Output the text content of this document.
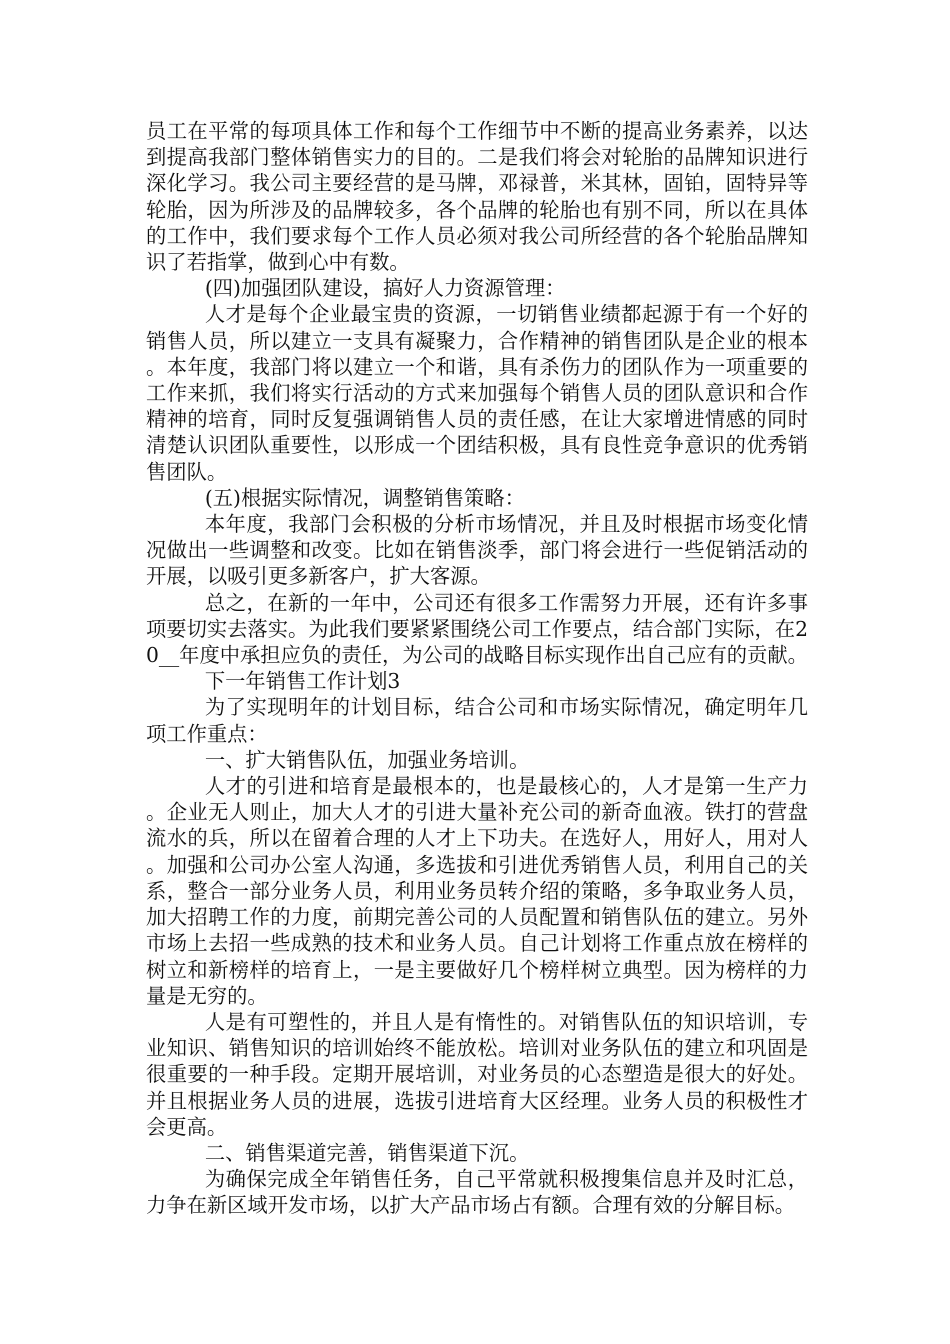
员工在平常的每项具体工作和每个工作细节中不断的提高业务素养，以达到提高我部门整体销售实力的目的。二是我们将会对轮胎的品牌知识进行深化学习。我公司主要经营的是马牌，邓禄普，米其林，固铂，固特异等轮胎，因为所涉及的品牌较多，各个品牌的轮胎也有别不同，所以在具体的工作中，我们要求每个工作人员必须对我公司所经营的各个轮胎品牌知识了若指掌，做到心中有数。

(四)加强团队建设，搞好人力资源管理：

人才是每个企业最宝贵的资源，一切销售业绩都起源于有一个好的销售人员，所以建立一支具有凝聚力，合作精神的销售团队是企业的根本。本年度，我部门将以建立一个和谐，具有杀伤力的团队作为一项重要的工作来抓，我们将实行活动的方式来加强每个销售人员的团队意识和合作精神的培育，同时反复强调销售人员的责任感，在让大家增进情感的同时清楚认识团队重要性，以形成一个团结积极，具有良性竞争意识的优秀销售团队。

(五)根据实际情况，调整销售策略：

本年度，我部门会积极的分析市场情况，并且及时根据市场变化情况做出一些调整和改变。比如在销售淡季，部门将会进行一些促销活动的开展，以吸引更多新客户，扩大客源。

总之，在新的一年中，公司还有很多工作需努力开展，还有许多事项要切实去落实。为此我们要紧紧围绕公司工作要点，结合部门实际，在20__年度中承担应负的责任，为公司的战略目标实现作出自己应有的贡献。

下一年销售工作计划3

为了实现明年的计划目标，结合公司和市场实际情况，确定明年几项工作重点：

一、扩大销售队伍，加强业务培训。

人才的引进和培育是最根本的，也是最核心的，人才是第一生产力。企业无人则止，加大人才的引进大量补充公司的新奇血液。铁打的营盘流水的兵，所以在留着合理的人才上下功夫。在选好人，用好人，用对人。加强和公司办公室人沟通，多选拔和引进优秀销售人员，利用自己的关系，整合一部分业务人员，利用业务员转介绍的策略，多争取业务人员，加大招聘工作的力度，前期完善公司的人员配置和销售队伍的建立。另外市场上去招一些成熟的技术和业务人员。自己计划将工作重点放在榜样的树立和新榜样的培育上，一是主要做好几个榜样树立典型。因为榜样的力量是无穷的。

人是有可塑性的，并且人是有惰性的。对销售队伍的知识培训，专业知识、销售知识的培训始终不能放松。培训对业务队伍的建立和巩固是很重要的一种手段。定期开展培训，对业务员的心态塑造是很大的好处。并且根据业务人员的进展，选拔引进培育大区经理。业务人员的积极性才会更高。

二、销售渠道完善，销售渠道下沉。

为确保完成全年销售任务，自己平常就积极搜集信息并及时汇总，力争在新区域开发市场，以扩大产品市场占有额。合理有效的分解目标。
